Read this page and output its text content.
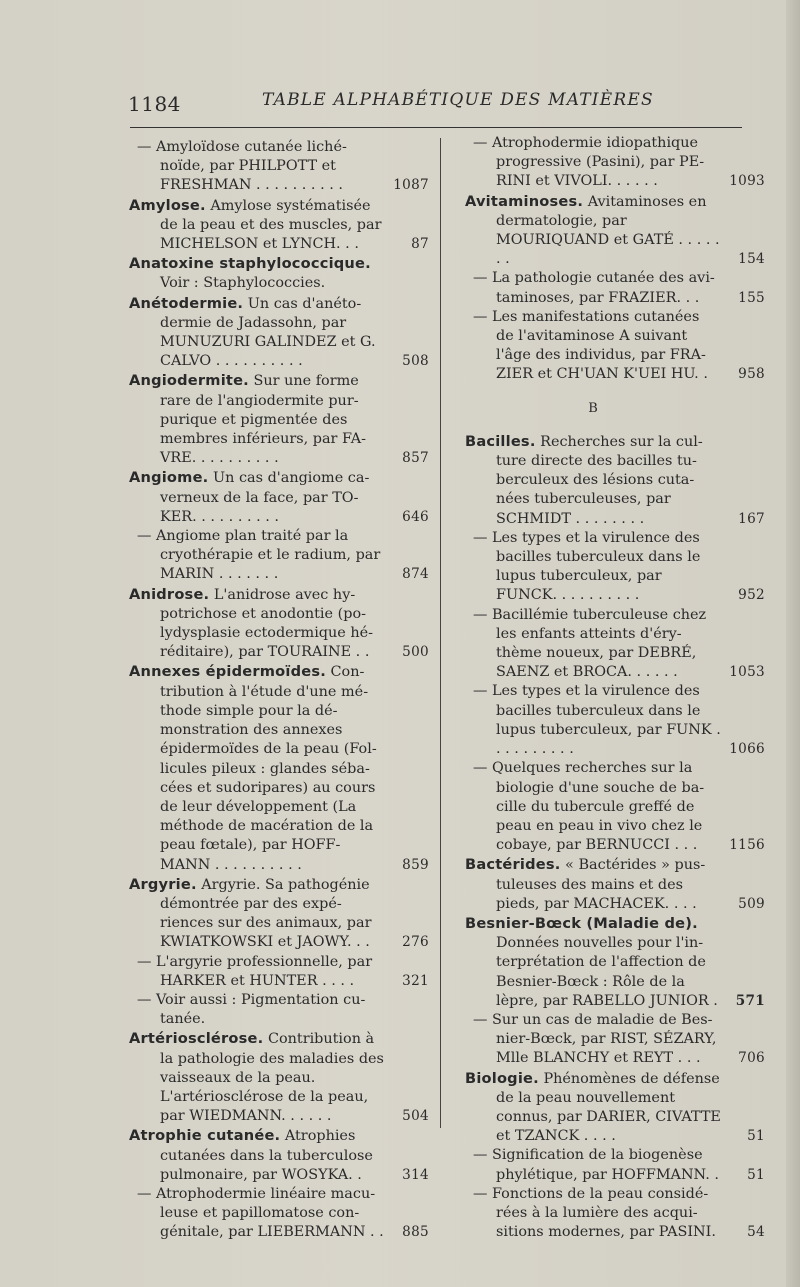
1184	TABLE ALPHABÉTIQUE DES MATIÈRES

— Amyloïdose cutanée lichénoïde, par PHILPOTT et FRESHMAN . . . . . . . . . .	1087

Amylose. Amylose systématisée de la peau et des muscles, par MICHELSON et LYNCH. . .	87

Anatoxine staphylococcique. Voir : Staphylococcies.

Anétodermie. Un cas d'anétodermie de Jadassohn, par MUNUZURI GALINDEZ et G. CALVO . . . . . . . . . .	508

Angiodermite. Sur une forme rare de l'angiodermite purpurique et pigmentée des membres inférieurs, par FAVRE. . . . . . . . . .	857

Angiome. Un cas d'angiome caverneux de la face, par TOKER. . . . . . . . . .	646

— Angiome plan traité par la cryothérapie et le radium, par MARIN . . . . . . .	874

Anidrose. L'anidrose avec hypotrichose et anodontie (polydysplasie ectodermique héréditaire), par TOURAINE . . 500

Annexes épidermoïdes. Contribution à l'étude d'une méthode simple pour la démonstration des annexes épidermoïdes de la peau (Follicules pileux : glandes sébacées et sudoripares) au cours de leur développement (La méthode de macération de la peau fœtale), par HOFFMANN . . . . . . . . . .	859

Argyrie. Argyrie. Sa pathogénie démontrée par des expériences sur des animaux, par KWIATKOWSKI et JAOWY. . . 276

— L'argyrie professionnelle, par HARKER et HUNTER . . . .	321

— Voir aussi : Pigmentation cutanée.

Artériosclérose. Contribution à la pathologie des maladies des vaisseaux de la peau. L'artériosclérose de la peau, par WIEDMANN. . . . . .	504

Atrophie cutanée. Atrophies cutanées dans la tuberculose pulmonaire, par WOSYKA. .	314

— Atrophodermie linéaire maculeuse et papillomatose congénitale, par LIEBERMANN . . 885

— Atrophodermie idiopathique progressive (Pasini), par PERINI et VIVOLI. . . . . .	1093

Avitaminoses. Avitaminoses en dermatologie, par MOURIQUAND et GATÉ . . . . . . .	154

— La pathologie cutanée des avitaminoses, par FRAZIER. . .	155

— Les manifestations cutanées de l'avitaminose A suivant l'âge des individus, par FRAZIER et CH'UAN K'UEI HU. . 958

B

Bacilles. Recherches sur la culture directe des bacilles tuberculeux des lésions cutanées tuberculeuses, par SCHMIDT . . . . . . . .	167

— Les types et la virulence des bacilles tuberculeux dans le lupus tuberculeux, par FUNCK. . . . . . . . . .	952

— Bacillémie tuberculeuse chez les enfants atteints d'érythème noueux, par DEBRÉ, SAENZ et BROCA. . . . . .	1053

— Les types et la virulence des bacilles tuberculeux dans le lupus tuberculeux, par FUNK . . . . . . . . . .	1066

— Quelques recherches sur la biologie d'une souche de bacille du tubercule greffé de peau en peau in vivo chez le cobaye, par BERNUCCI . . . 1156

Bactérides. « Bactérides » pustuleuses des mains et des pieds, par MACHACEK. . . .	509

Besnier-Bœck (Maladie de). Données nouvelles pour l'interprétation de l'affection de Besnier-Bœck : Rôle de la lèpre, par RABELLO JUNIOR . 571

— Sur un cas de maladie de Besnier-Bœck, par RIST, SÉZARY, Mlle BLANCHY et REYT . . .	706

Biologie. Phénomènes de défense de la peau nouvellement connus, par DARIER, CIVATTE et TZANCK . . . .	51

— Signification de la biogenèse phylétique, par HOFFMANN. . 51

— Fonctions de la peau considérées à la lumière des acquisitions modernes, par PASINI. 54
